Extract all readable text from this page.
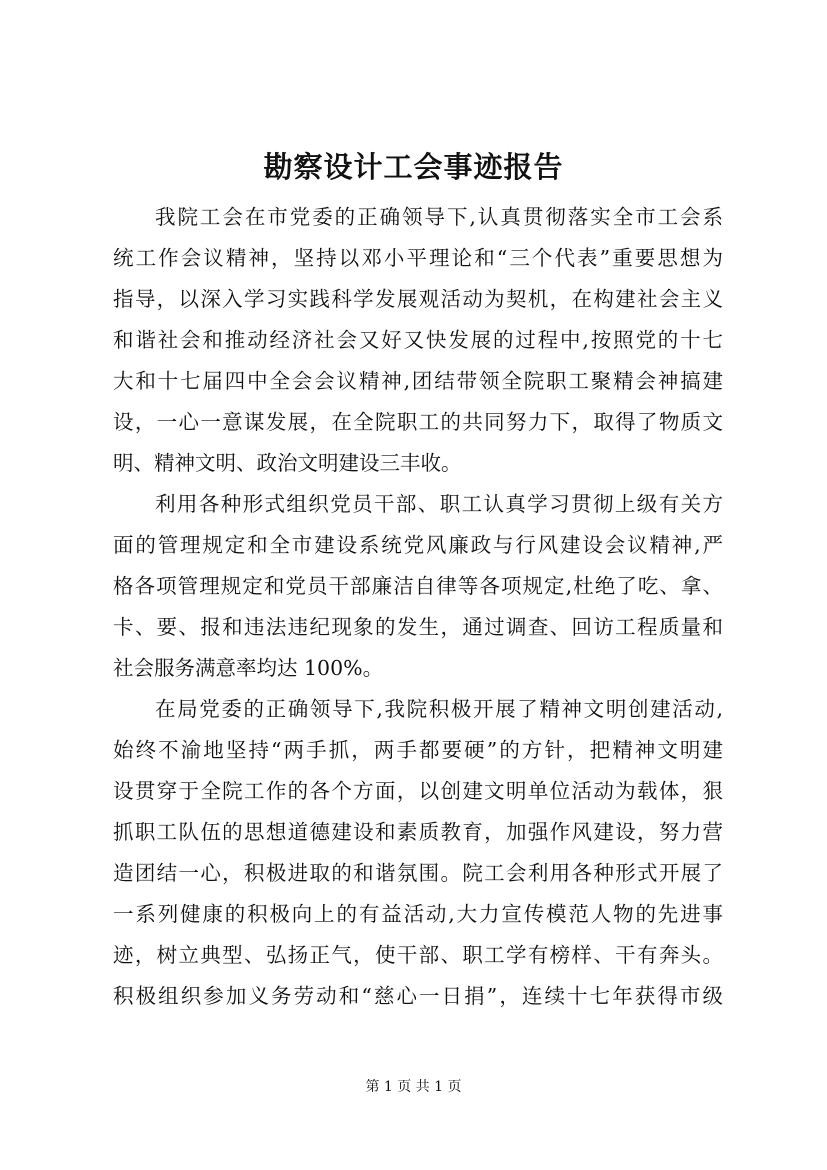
勘察设计工会事迹报告

我院工会在市党委的正确领导下,认真贯彻落实全市工会系
统工作会议精神，坚持以邓小平理论和“三个代表”重要思想为
指导，以深入学习实践科学发展观活动为契机，在构建社会主义
和谐社会和推动经济社会又好又快发展的过程中,按照党的十七
大和十七届四中全会会议精神,团结带领全院职工聚精会神搞建
设，一心一意谋发展，在全院职工的共同努力下，取得了物质文
明、精神文明、政治文明建设三丰收。

利用各种形式组织党员干部、职工认真学习贯彻上级有关方
面的管理规定和全市建设系统党风廉政与行风建设会议精神,严
格各项管理规定和党员干部廉洁自律等各项规定,杜绝了吃、拿、
卡、要、报和违法违纪现象的发生，通过调查、回访工程质量和
社会服务满意率均达 100%。

在局党委的正确领导下,我院积极开展了精神文明创建活动,
始终不渝地坚持“两手抓，两手都要硬”的方针，把精神文明建
设贯穿于全院工作的各个方面，以创建文明单位活动为载体，狠
抓职工队伍的思想道德建设和素质教育，加强作风建设，努力营
造团结一心，积极进取的和谐氛围。院工会利用各种形式开展了
一系列健康的积极向上的有益活动,大力宣传模范人物的先进事
迹，树立典型、弘扬正气，使干部、职工学有榜样、干有奔头。
积极组织参加义务劳动和“慈心一日捐”，连续十七年获得市级

第 1 页 共 1 页
